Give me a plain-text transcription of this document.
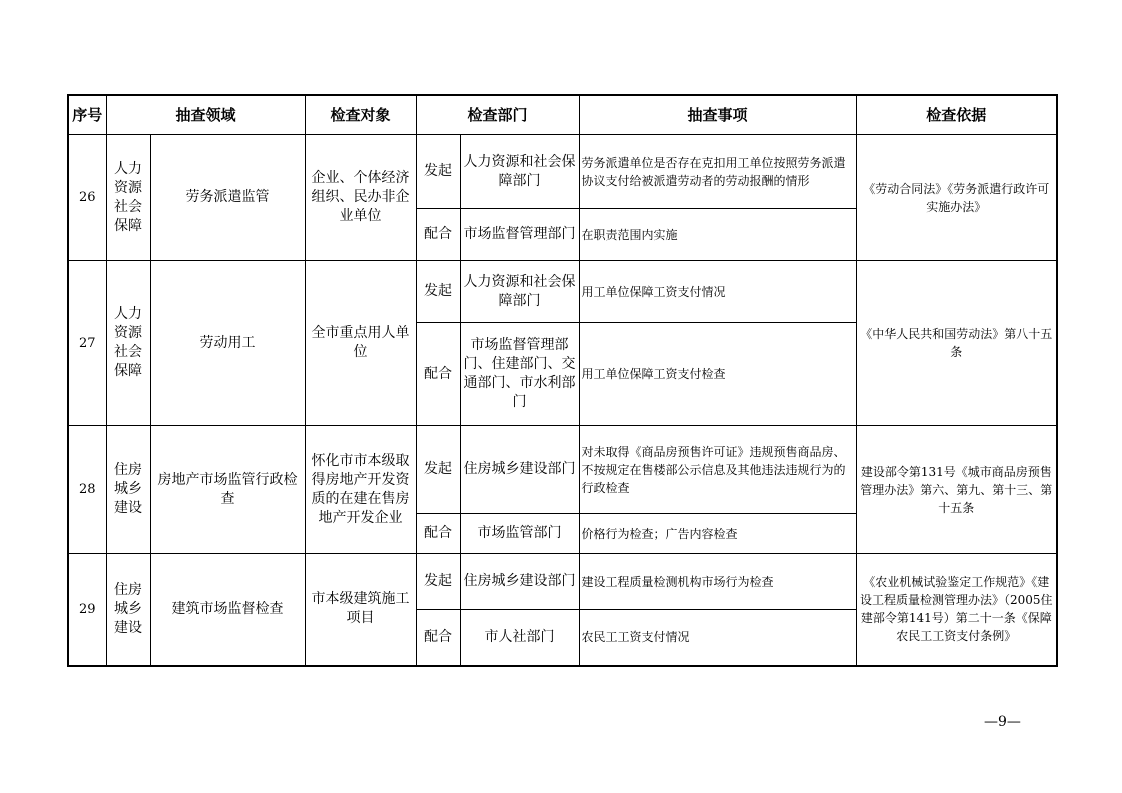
序号	抽查领域		检查对象	检查部门		抽查事项	检查依据
26	人力资源社会保障	劳务派遣监管	企业、个体经济组织、民办非企业单位	发起	人力资源和社会保障部门	劳务派遣单位是否存在克扣用工单位按照劳务派遣协议支付给被派遣劳动者的劳动报酬的情形	《劳动合同法》《劳务派遣行政许可实施办法》
				配合	市场监督管理部门	在职责范围内实施	
27	人力资源社会保障	劳动用工	全市重点用人单位	发起	人力资源和社会保障部门	用工单位保障工资支付情况	《中华人民共和国劳动法》第八十五条
				配合	市场监督管理部门、住建部门、交通部门、市水利部门	用工单位保障工资支付检查	
28	住房城乡建设	房地产市场监管行政检查	怀化市市本级取得房地产开发资质的在建在售房地产开发企业	发起	住房城乡建设部门	对未取得《商品房预售许可证》违规预售商品房、不按规定在售楼部公示信息及其他违法违规行为的行政检查	建设部令第131号《城市商品房预售管理办法》第六、第九、第十三、第十五条
				配合	市场监管部门	价格行为检查；广告内容检查	
29	住房城乡建设	建筑市场监督检查	市本级建筑施工项目	发起	住房城乡建设部门	建设工程质量检测机构市场行为检查	《农业机械试验鉴定工作规范》《建设工程质量检测管理办法》（2005住建部令第141号）第二十一条《保障农民工工资支付条例》
				配合	市人社部门	农民工工资支付情况	
—9—
